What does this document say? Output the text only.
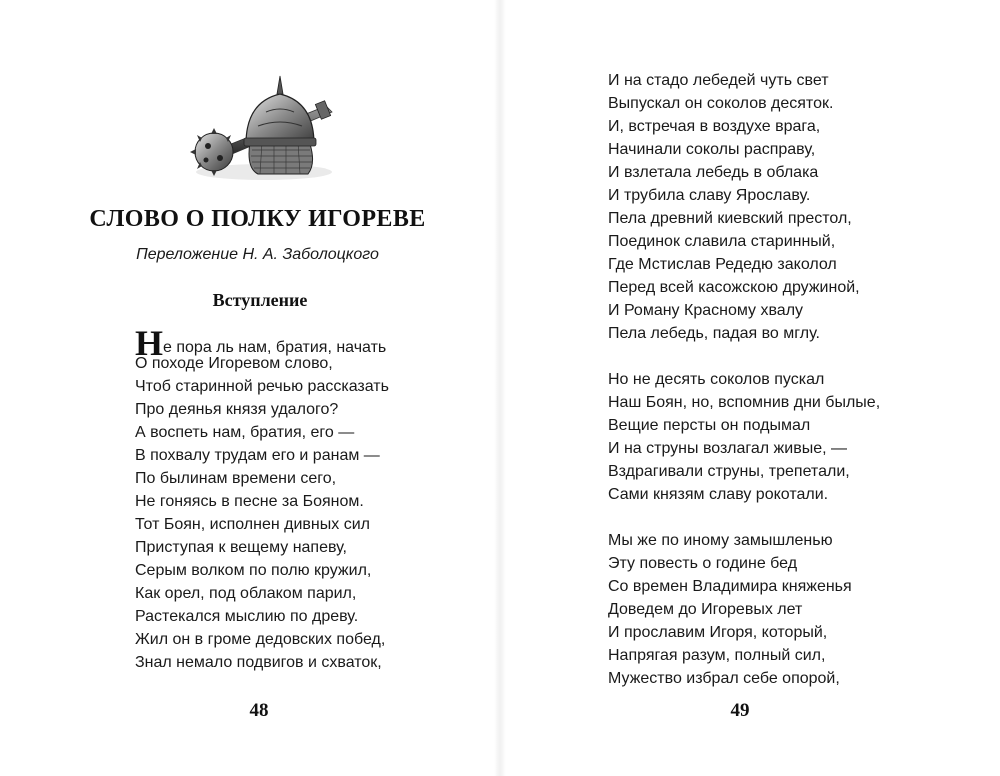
СЛОВО О ПОЛКУ ИГОРЕВЕ
Переложение Н. А. Заболоцкого
Вступление
Не пора ль нам, братия, начать
О походе Игоревом слово,
Чтоб старинной речью рассказать
Про деянья князя удалого?
А воспеть нам, братия, его —
В похвалу трудам его и ранам —
По былинам времени сего,
Не гоняясь в песне за Бояном.
Тот Боян, исполнен дивных сил
Приступая к вещему напеву,
Серым волком по полю кружил,
Как орел, под облаком парил,
Растекался мыслию по древу.
Жил он в громе дедовских побед,
Знал немало подвигов и схваток,
48
И на стадо лебедей чуть свет
Выпускал он соколов десяток.
И, встречая в воздухе врага,
Начинали соколы расправу,
И взлетала лебедь в облака
И трубила славу Ярославу.
Пела древний киевский престол,
Поединок славила старинный,
Где Мстислав Редедю заколол
Перед всей касожскою дружиной,
И Роману Красному хвалу
Пела лебедь, падая во мглу.
Но не десять соколов пускал
Наш Боян, но, вспомнив дни былые,
Вещие персты он подымал
И на струны возлагал живые, —
Вздрагивали струны, трепетали,
Сами князям славу рокотали.
Мы же по иному замышленью
Эту повесть о године бед
Со времен Владимира княженья
Доведем до Игоревых лет
И прославим Игоря, который,
Напрягая разум, полный сил,
Мужество избрал себе опорой,
49
